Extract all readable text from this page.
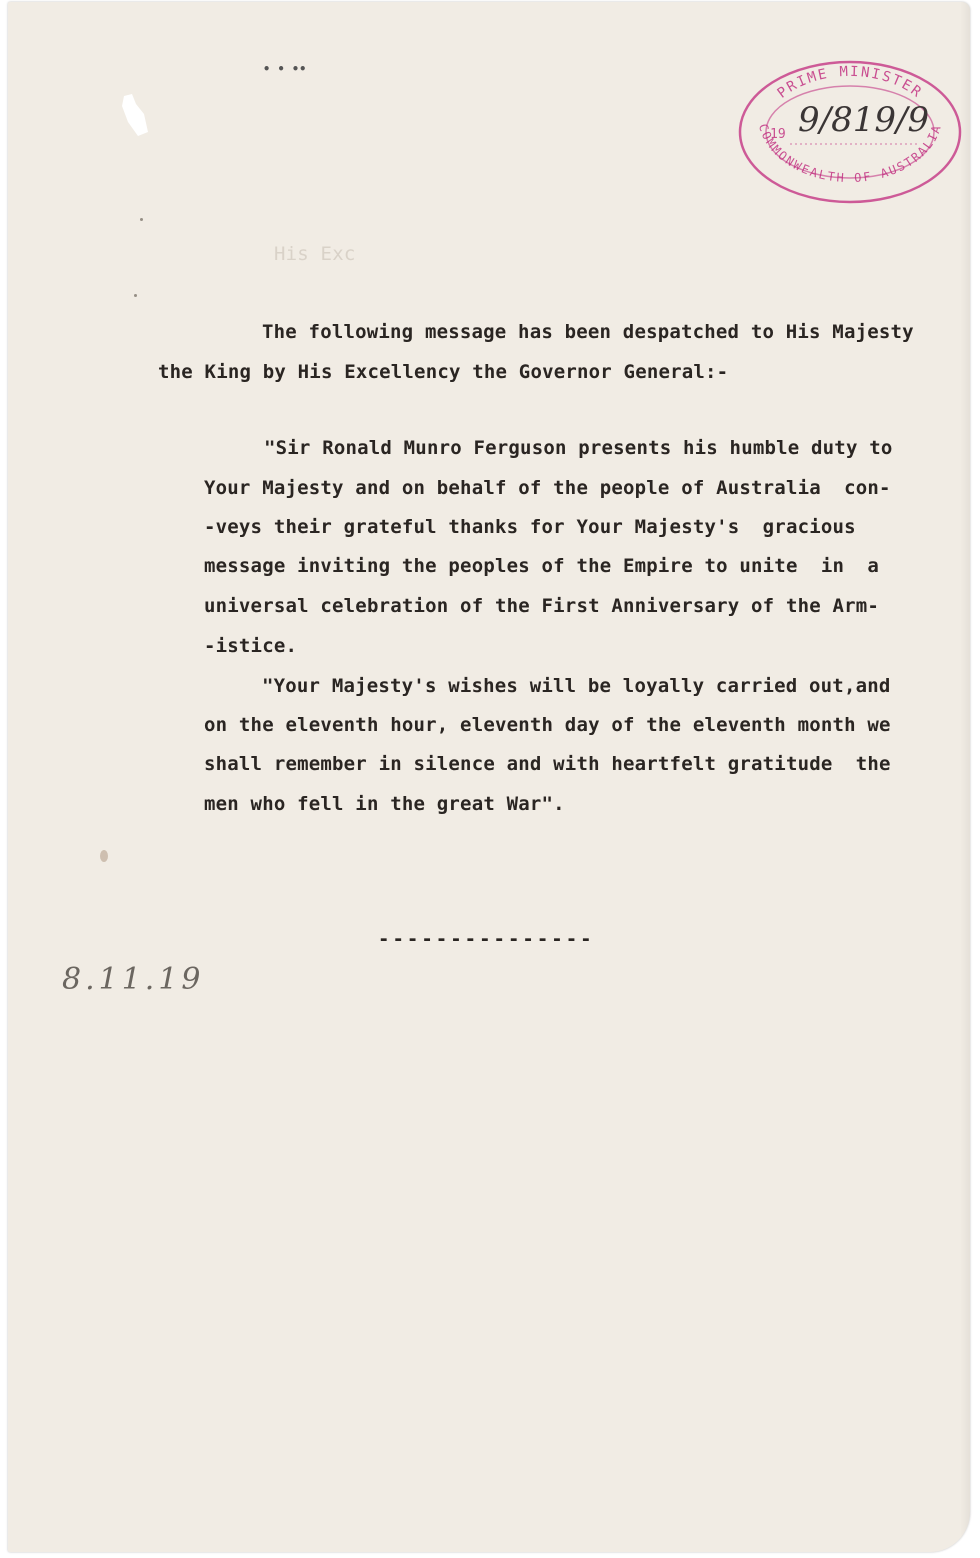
• • ••
PRIME MINISTER
COMMONWEALTH OF AUSTRALIA
19 9/819/9
His Exc
The following message has been despatched to His Majesty
the King by His Excellency the Governor General:-
"Sir Ronald Munro Ferguson presents his humble duty to
Your Majesty and on behalf of the people of Australia  con-
-veys their grateful thanks for Your Majesty's  gracious
message inviting the peoples of the Empire to unite  in  a
universal celebration of the First Anniversary of the Arm-
-istice.
"Your Majesty's wishes will be loyally carried out,and
on the eleventh hour, eleventh day of the eleventh month we
shall remember in silence and with heartfelt gratitude  the
men who fell in the great War".
---------------
8.11.19
